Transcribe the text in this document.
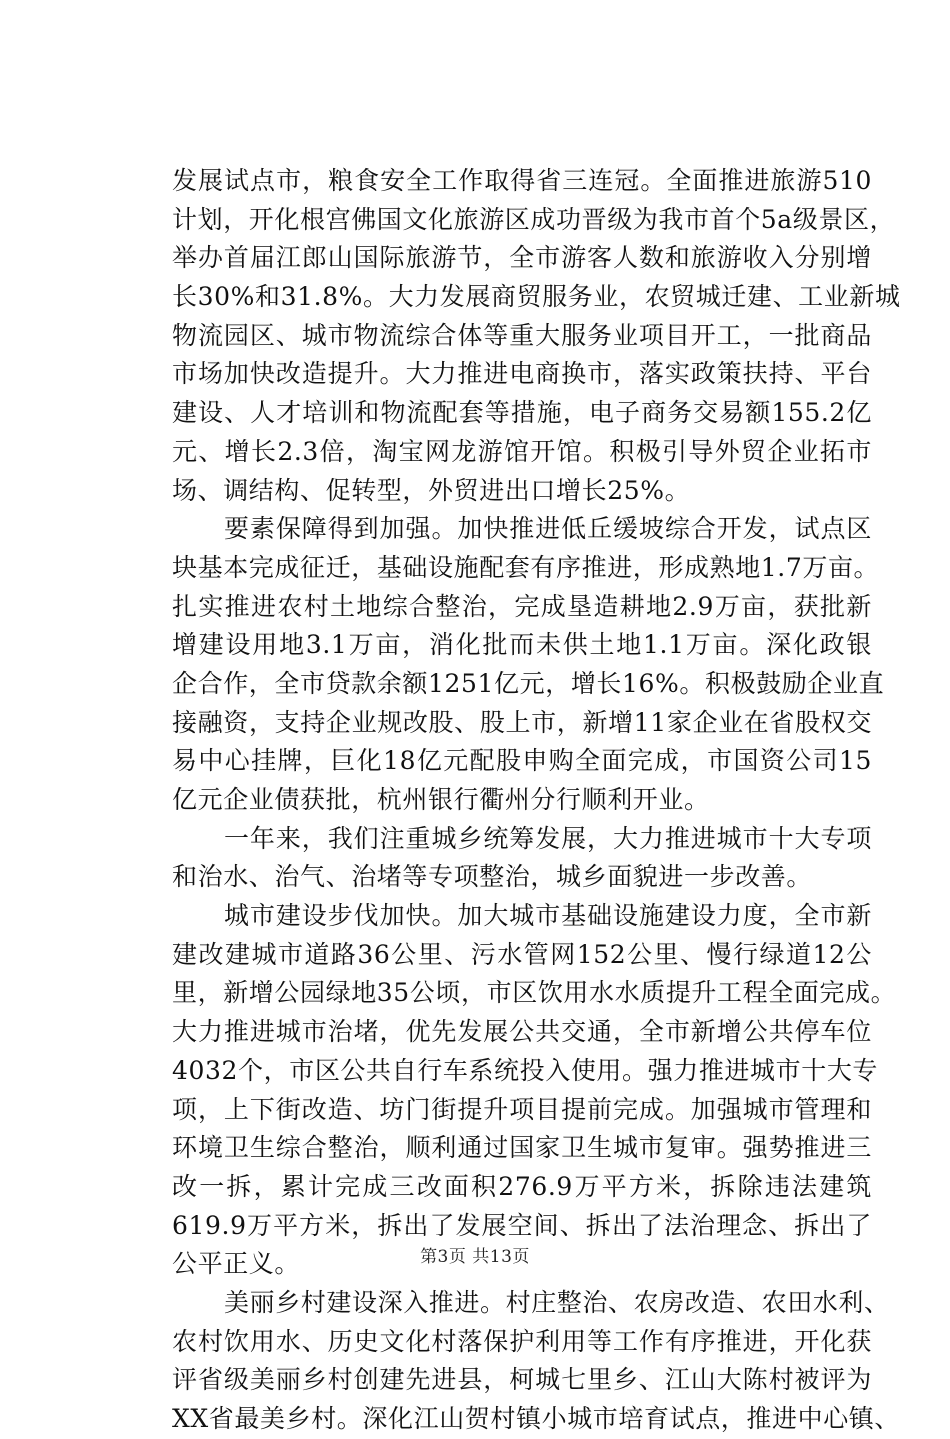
发展试点市，粮食安全工作取得省三连冠。全面推进旅游510
计划，开化根宫佛国文化旅游区成功晋级为我市首个5a级景区，
举办首届江郎山国际旅游节，全市游客人数和旅游收入分别增
长30%和31.8%。大力发展商贸服务业，农贸城迁建、工业新城
物流园区、城市物流综合体等重大服务业项目开工，一批商品
市场加快改造提升。大力推进电商换市，落实政策扶持、平台
建设、人才培训和物流配套等措施，电子商务交易额155.2亿
元、增长2.3倍，淘宝网龙游馆开馆。积极引导外贸企业拓市
场、调结构、促转型，外贸进出口增长25%。
要素保障得到加强。加快推进低丘缓坡综合开发，试点区
块基本完成征迁，基础设施配套有序推进，形成熟地1.7万亩。
扎实推进农村土地综合整治，完成垦造耕地2.9万亩，获批新
增建设用地3.1万亩，消化批而未供土地1.1万亩。深化政银
企合作，全市贷款余额1251亿元，增长16%。积极鼓励企业直
接融资，支持企业规改股、股上市，新增11家企业在省股权交
易中心挂牌，巨化18亿元配股申购全面完成，市国资公司15
亿元企业债获批，杭州银行衢州分行顺利开业。
一年来，我们注重城乡统筹发展，大力推进城市十大专项
和治水、治气、治堵等专项整治，城乡面貌进一步改善。
城市建设步伐加快。加大城市基础设施建设力度，全市新
建改建城市道路36公里、污水管网152公里、慢行绿道12公
里，新增公园绿地35公顷，市区饮用水水质提升工程全面完成。
大力推进城市治堵，优先发展公共交通，全市新增公共停车位
4032个，市区公共自行车系统投入使用。强力推进城市十大专
项，上下街改造、坊门街提升项目提前完成。加强城市管理和
环境卫生综合整治，顺利通过国家卫生城市复审。强势推进三
改一拆，累计完成三改面积276.9万平方米，拆除违法建筑
619.9万平方米，拆出了发展空间、拆出了法治理念、拆出了
公平正义。
美丽乡村建设深入推进。村庄整治、农房改造、农田水利、
农村饮用水、历史文化村落保护利用等工作有序推进，开化获
评省级美丽乡村创建先进县，柯城七里乡、江山大陈村被评为
XX省最美乡村。深化江山贺村镇小城市培育试点，推进中心镇、
第3页 共13页
